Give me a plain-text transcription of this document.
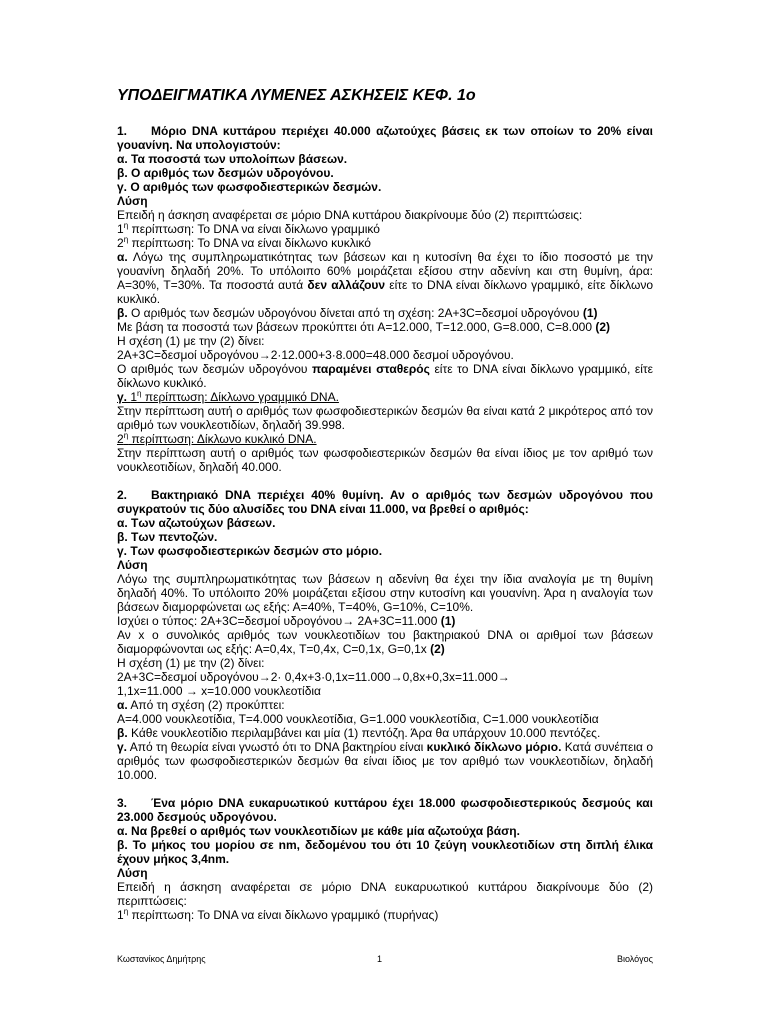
ΥΠΟΔΕΙΓΜΑΤΙΚΑ ΛΥΜΕΝΕΣ ΑΣΚΗΣΕΙΣ ΚΕΦ. 1ο

1. Μόριο DNA κυττάρου περιέχει 40.000 αζωτούχες βάσεις εκ των οποίων το 20% είναι γουανίνη. Να υπολογιστούν:

α. Τα ποσοστά των υπολοίπων βάσεων.

β. Ο αριθμός των δεσμών υδρογόνου.

γ. Ο αριθμός των φωσφοδιεστερικών δεσμών.

Λύση

Επειδή η άσκηση αναφέρεται σε μόριο DNA κυττάρου διακρίνουμε δύο (2) περιπτώσεις:

$1^\eta$ περίπτωση: Το DNA να είναι δίκλωνο γραμμικό

$2^\eta$ περίπτωση: Το DNA να είναι δίκλωνο κυκλικό

α. Λόγω της συμπληρωματικότητας των βάσεων και η κυτοσίνη θα έχει το ίδιο ποσοστό με την γουανίνη δηλαδή 20%. Το υπόλοιπο 60% μοιράζεται εξίσου στην αδενίνη και στη θυμίνη, άρα: Α=30%, Τ=30%. Τα ποσοστά αυτά δεν αλλάζουν είτε το DNA είναι δίκλωνο γραμμικό, είτε δίκλωνο κυκλικό.

β. Ο αριθμός των δεσμών υδρογόνου δίνεται από τη σχέση: 2Α+3C=δεσμοί υδρογόνου (1)

Με βάση τα ποσοστά των βάσεων προκύπτει ότι A=12.000, T=12.000, G=8.000, C=8.000 (2)

Η σχέση (1) με την (2) δίνει:

2Α+3C=δεσμοί υδρογόνου→2·12.000+3·8.000=48.000 δεσμοί υδρογόνου.

Ο αριθμός των δεσμών υδρογόνου παραμένει σταθερός είτε το DNA είναι δίκλωνο γραμμικό, είτε δίκλωνο κυκλικό.

γ. $1^\eta$ περίπτωση: Δίκλωνο γραμμικό DNA.

Στην περίπτωση αυτή ο αριθμός των φωσφοδιεστερικών δεσμών θα είναι κατά 2 μικρότερος από τον αριθμό των νουκλεοτιδίων, δηλαδή 39.998.

$2^\eta$ περίπτωση: Δίκλωνο κυκλικό DNA.

Στην περίπτωση αυτή ο αριθμός των φωσφοδιεστερικών δεσμών θα είναι ίδιος με τον αριθμό των νουκλεοτιδίων, δηλαδή 40.000.

2. Βακτηριακό DNA περιέχει 40% θυμίνη. Αν ο αριθμός των δεσμών υδρογόνου που συγκρατούν τις δύο αλυσίδες του DNA είναι 11.000, να βρεθεί ο αριθμός:

α. Των αζωτούχων βάσεων.

β. Των πεντοζών.

γ. Των φωσφοδιεστερικών δεσμών στο μόριο.

Λύση

Λόγω της συμπληρωματικότητας των βάσεων η αδενίνη θα έχει την ίδια αναλογία με τη θυμίνη δηλαδή 40%. Το υπόλοιπο 20% μοιράζεται εξίσου στην κυτοσίνη και γουανίνη. Άρα η αναλογία των βάσεων διαμορφώνεται ως εξής: Α=40%, Τ=40%, G=10%, C=10%.

Ισχύει ο τύπος: 2Α+3C=δεσμοί υδρογόνου→ 2Α+3C=11.000 (1)

Αν x ο συνολικός αριθμός των νουκλεοτιδίων του βακτηριακού DNA οι αριθμοί των βάσεων διαμορφώνονται ως εξής: Α=0,4x, Τ=0,4x, C=0,1x, G=0,1x (2)

Η σχέση (1) με την (2) δίνει:

2Α+3C=δεσμοί υδρογόνου→2· 0,4x+3·0,1x=11.000→0,8x+0,3x=11.000→

1,1x=11.000 → x=10.000 νουκλεοτίδια

α. Από τη σχέση (2) προκύπτει:

Α=4.000 νουκλεοτίδια, Τ=4.000 νουκλεοτίδια, G=1.000 νουκλεοτίδια, C=1.000 νουκλεοτίδια

β. Κάθε νουκλεοτίδιο περιλαμβάνει και μία (1) πεντόζη. Άρα θα υπάρχουν 10.000 πεντόζες.

γ. Από τη θεωρία είναι γνωστό ότι το DNA βακτηρίου είναι κυκλικό δίκλωνο μόριο. Κατά συνέπεια ο αριθμός των φωσφοδιεστερικών δεσμών θα είναι ίδιος με τον αριθμό των νουκλεοτιδίων, δηλαδή 10.000.

3. Ένα μόριο DNA ευκαρυωτικού κυττάρου έχει 18.000 φωσφοδιεστερικούς δεσμούς και 23.000 δεσμούς υδρογόνου.

α. Να βρεθεί ο αριθμός των νουκλεοτιδίων με κάθε μία αζωτούχα βάση.

β. Το μήκος του μορίου σε nm, δεδομένου του ότι 10 ζεύγη νουκλεοτιδίων στη διπλή έλικα έχουν μήκος 3,4nm.

Λύση

Επειδή η άσκηση αναφέρεται σε μόριο DNA ευκαρυωτικού κυττάρου διακρίνουμε δύο (2) περιπτώσεις:

$1^\eta$ περίπτωση: Το DNA να είναι δίκλωνο γραμμικό (πυρήνας)

Κωστανίκος Δημήτρης	1	Βιολόγος
